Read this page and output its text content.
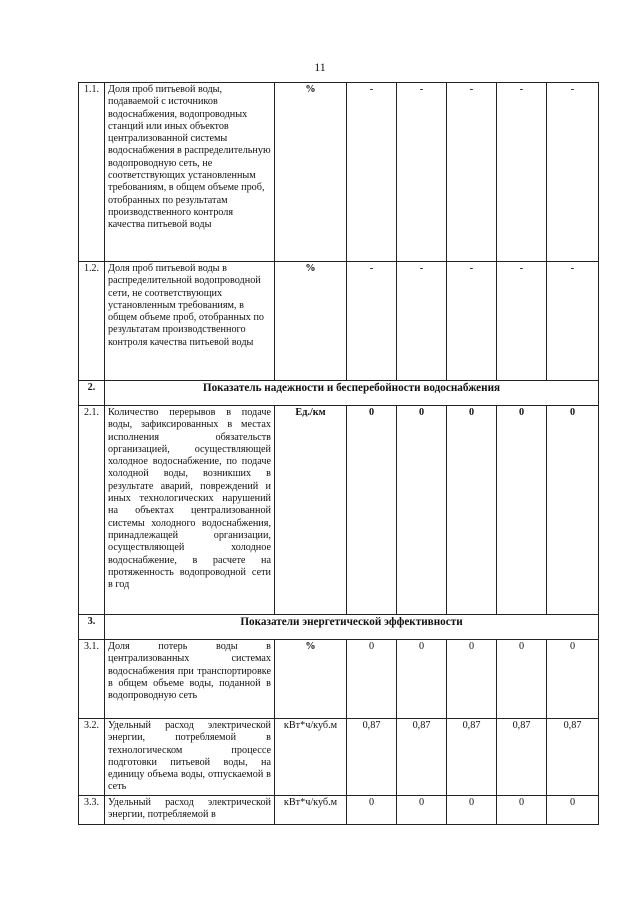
11
1.1.	Доля проб питьевой воды, подаваемой с источников водоснабжения, водопроводных станций или иных объектов централизованной системы водоснабжения в распределительную водопроводную сеть, не соответствующих установленным требованиям, в общем объеме проб, отобранных по результатам производственного контроля качества питьевой воды	%	-	-	-	-	-
1.2.	Доля проб питьевой воды в распределительной водопроводной сети, не соответствующих установленным требованиям, в общем объеме проб, отобранных по результатам производственного контроля качества питьевой воды	%	-	-	-	-	-
2.	Показатель надежности и бесперебойности водоснабжения						
2.1.	Количество перерывов в подаче воды, зафиксированных в местах исполнения обязательств организацией, осуществляющей холодное водоснабжение, по подаче холодной воды, возникших в результате аварий, повреждений и иных технологических нарушений на объектах централизованной системы холодного водоснабжения, принадлежащей организации, осуществляющей холодное водоснабжение, в расчете на протяженность водопроводной сети в год	Ед./км	0	0	0	0	0
3.	Показатели энергетической эффективности						
3.1.	Доля потерь воды в централизованных системах водоснабжения при транспортировке в общем объеме воды, поданной в водопроводную сеть	%	0	0	0	0	0
3.2.	Удельный расход электрической энергии, потребляемой в технологическом процессе подготовки питьевой воды, на единицу объема воды, отпускаемой в сеть	кВт*ч/куб.м	0,87	0,87	0,87	0,87	0,87
3.3.	Удельный расход электрической энергии, потребляемой в	кВт*ч/куб.м	0	0	0	0	0
